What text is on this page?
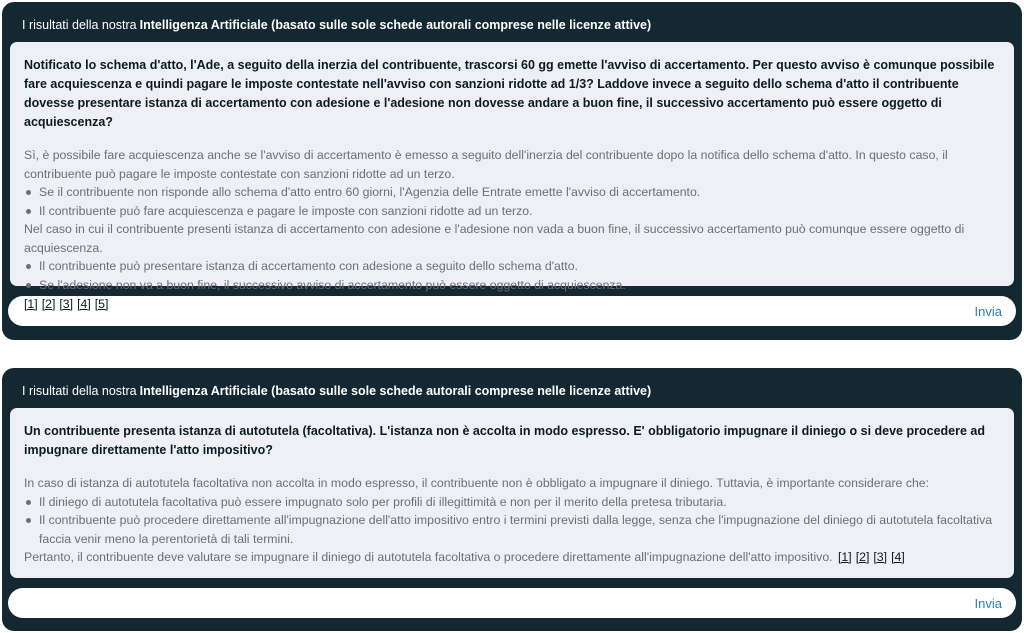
I risultati della nostra Intelligenza Artificiale (basato sulle sole schede autorali comprese nelle licenze attive)
Notificato lo schema d'atto, l'Ade, a seguito della inerzia del contribuente, trascorsi 60 gg emette l'avviso di accertamento. Per questo avviso è comunque possibile fare acquiescenza e quindi pagare le imposte contestate nell'avviso con sanzioni ridotte ad 1/3? Laddove invece a seguito dello schema d'atto il contribuente dovesse presentare istanza di accertamento con adesione e l'adesione non dovesse andare a buon fine, il successivo accertamento può essere oggetto di acquiescenza?
Sì, è possibile fare acquiescenza anche se l'avviso di accertamento è emesso a seguito dell'inerzia del contribuente dopo la notifica dello schema d'atto. In questo caso, il contribuente può pagare le imposte contestate con sanzioni ridotte ad un terzo.
Se il contribuente non risponde allo schema d'atto entro 60 giorni, l'Agenzia delle Entrate emette l'avviso di accertamento.
Il contribuente può fare acquiescenza e pagare le imposte con sanzioni ridotte ad un terzo.
Nel caso in cui il contribuente presenti istanza di accertamento con adesione e l'adesione non vada a buon fine, il successivo accertamento può comunque essere oggetto di acquiescenza.
Il contribuente può presentare istanza di accertamento con adesione a seguito dello schema d'atto.
Se l'adesione non va a buon fine, il successivo avviso di accertamento può essere oggetto di acquiescenza.
[1] [2] [3] [4] [5]	Invia
I risultati della nostra Intelligenza Artificiale (basato sulle sole schede autorali comprese nelle licenze attive)
Un contribuente presenta istanza di autotutela (facoltativa). L'istanza non è accolta in modo espresso. E' obbligatorio impugnare il diniego o si deve procedere ad impugnare direttamente l'atto impositivo?
In caso di istanza di autotutela facoltativa non accolta in modo espresso, il contribuente non è obbligato a impugnare il diniego. Tuttavia, è importante considerare che:
Il diniego di autotutela facoltativa può essere impugnato solo per profili di illegittimità e non per il merito della pretesa tributaria.
Il contribuente può procedere direttamente all'impugnazione dell'atto impositivo entro i termini previsti dalla legge, senza che l'impugnazione del diniego di autotutela facoltativa faccia venir meno la perentorietà di tali termini.
Pertanto, il contribuente deve valutare se impugnare il diniego di autotutela facoltativa o procedere direttamente all'impugnazione dell'atto impositivo. [1] [2] [3] [4]
Invia
